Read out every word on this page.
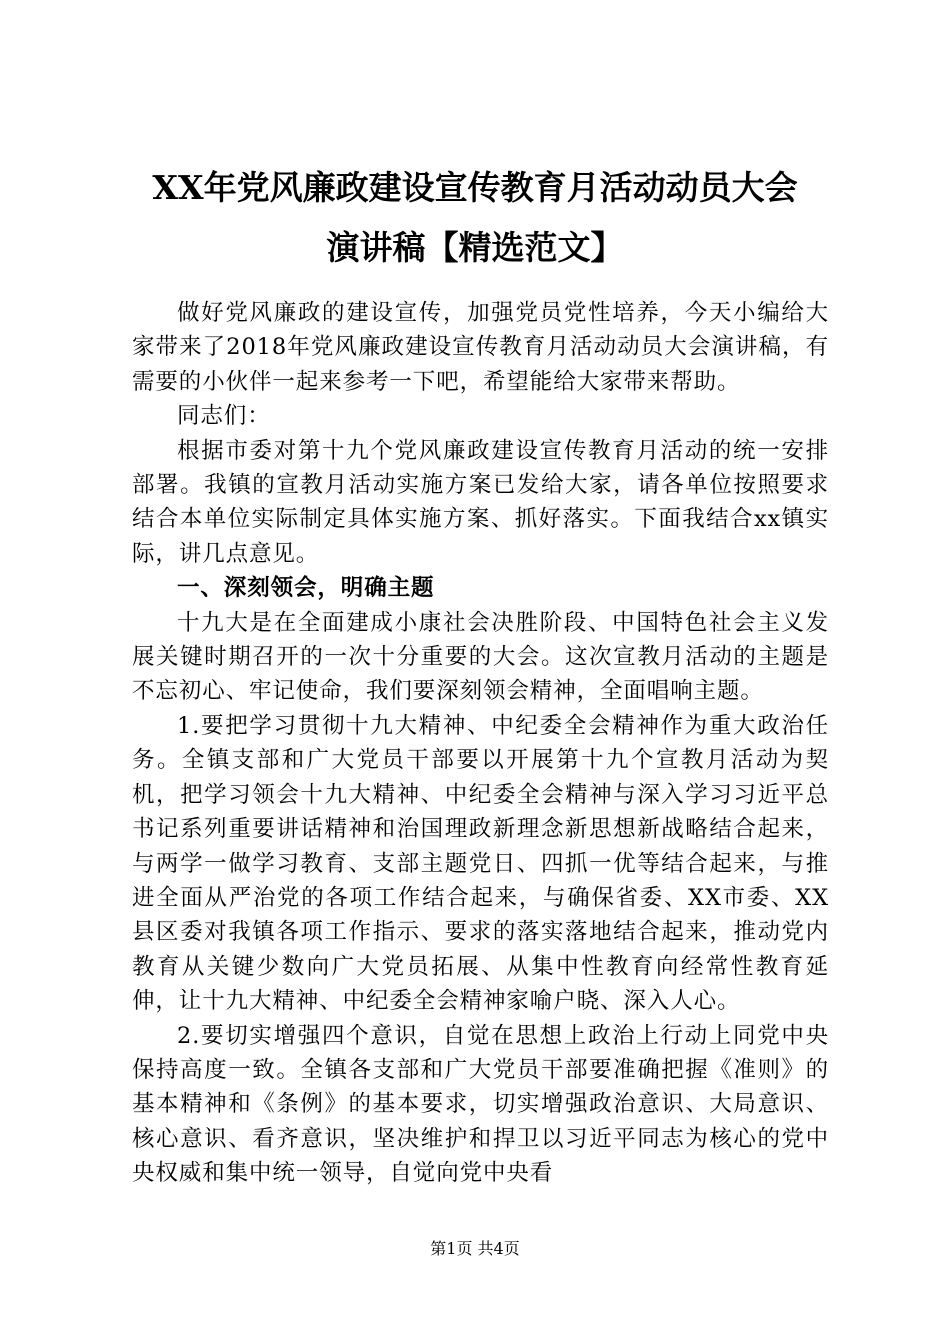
XX年党风廉政建设宣传教育月活动动员大会
演讲稿【精选范文】

做好党风廉政的建设宣传，加强党员党性培养，今天小编给大家带来了2018年党风廉政建设宣传教育月活动动员大会演讲稿，有需要的小伙伴一起来参考一下吧，希望能给大家带来帮助。

同志们：

根据市委对第十九个党风廉政建设宣传教育月活动的统一安排部署。我镇的宣教月活动实施方案已发给大家，请各单位按照要求结合本单位实际制定具体实施方案、抓好落实。下面我结合xx镇实际，讲几点意见。

一、深刻领会，明确主题

十九大是在全面建成小康社会决胜阶段、中国特色社会主义发展关键时期召开的一次十分重要的大会。这次宣教月活动的主题是不忘初心、牢记使命，我们要深刻领会精神，全面唱响主题。

1.要把学习贯彻十九大精神、中纪委全会精神作为重大政治任务。全镇支部和广大党员干部要以开展第十九个宣教月活动为契机，把学习领会十九大精神、中纪委全会精神与深入学习习近平总书记系列重要讲话精神和治国理政新理念新思想新战略结合起来，与两学一做学习教育、支部主题党日、四抓一优等结合起来，与推进全面从严治党的各项工作结合起来，与确保省委、XX市委、XX县区委对我镇各项工作指示、要求的落实落地结合起来，推动党内教育从关键少数向广大党员拓展、从集中性教育向经常性教育延伸，让十九大精神、中纪委全会精神家喻户晓、深入人心。

2.要切实增强四个意识，自觉在思想上政治上行动上同党中央保持高度一致。全镇各支部和广大党员干部要准确把握《准则》的基本精神和《条例》的基本要求，切实增强政治意识、大局意识、核心意识、看齐意识，坚决维护和捍卫以习近平同志为核心的党中央权威和集中统一领导，自觉向党中央看

第1页 共4页
